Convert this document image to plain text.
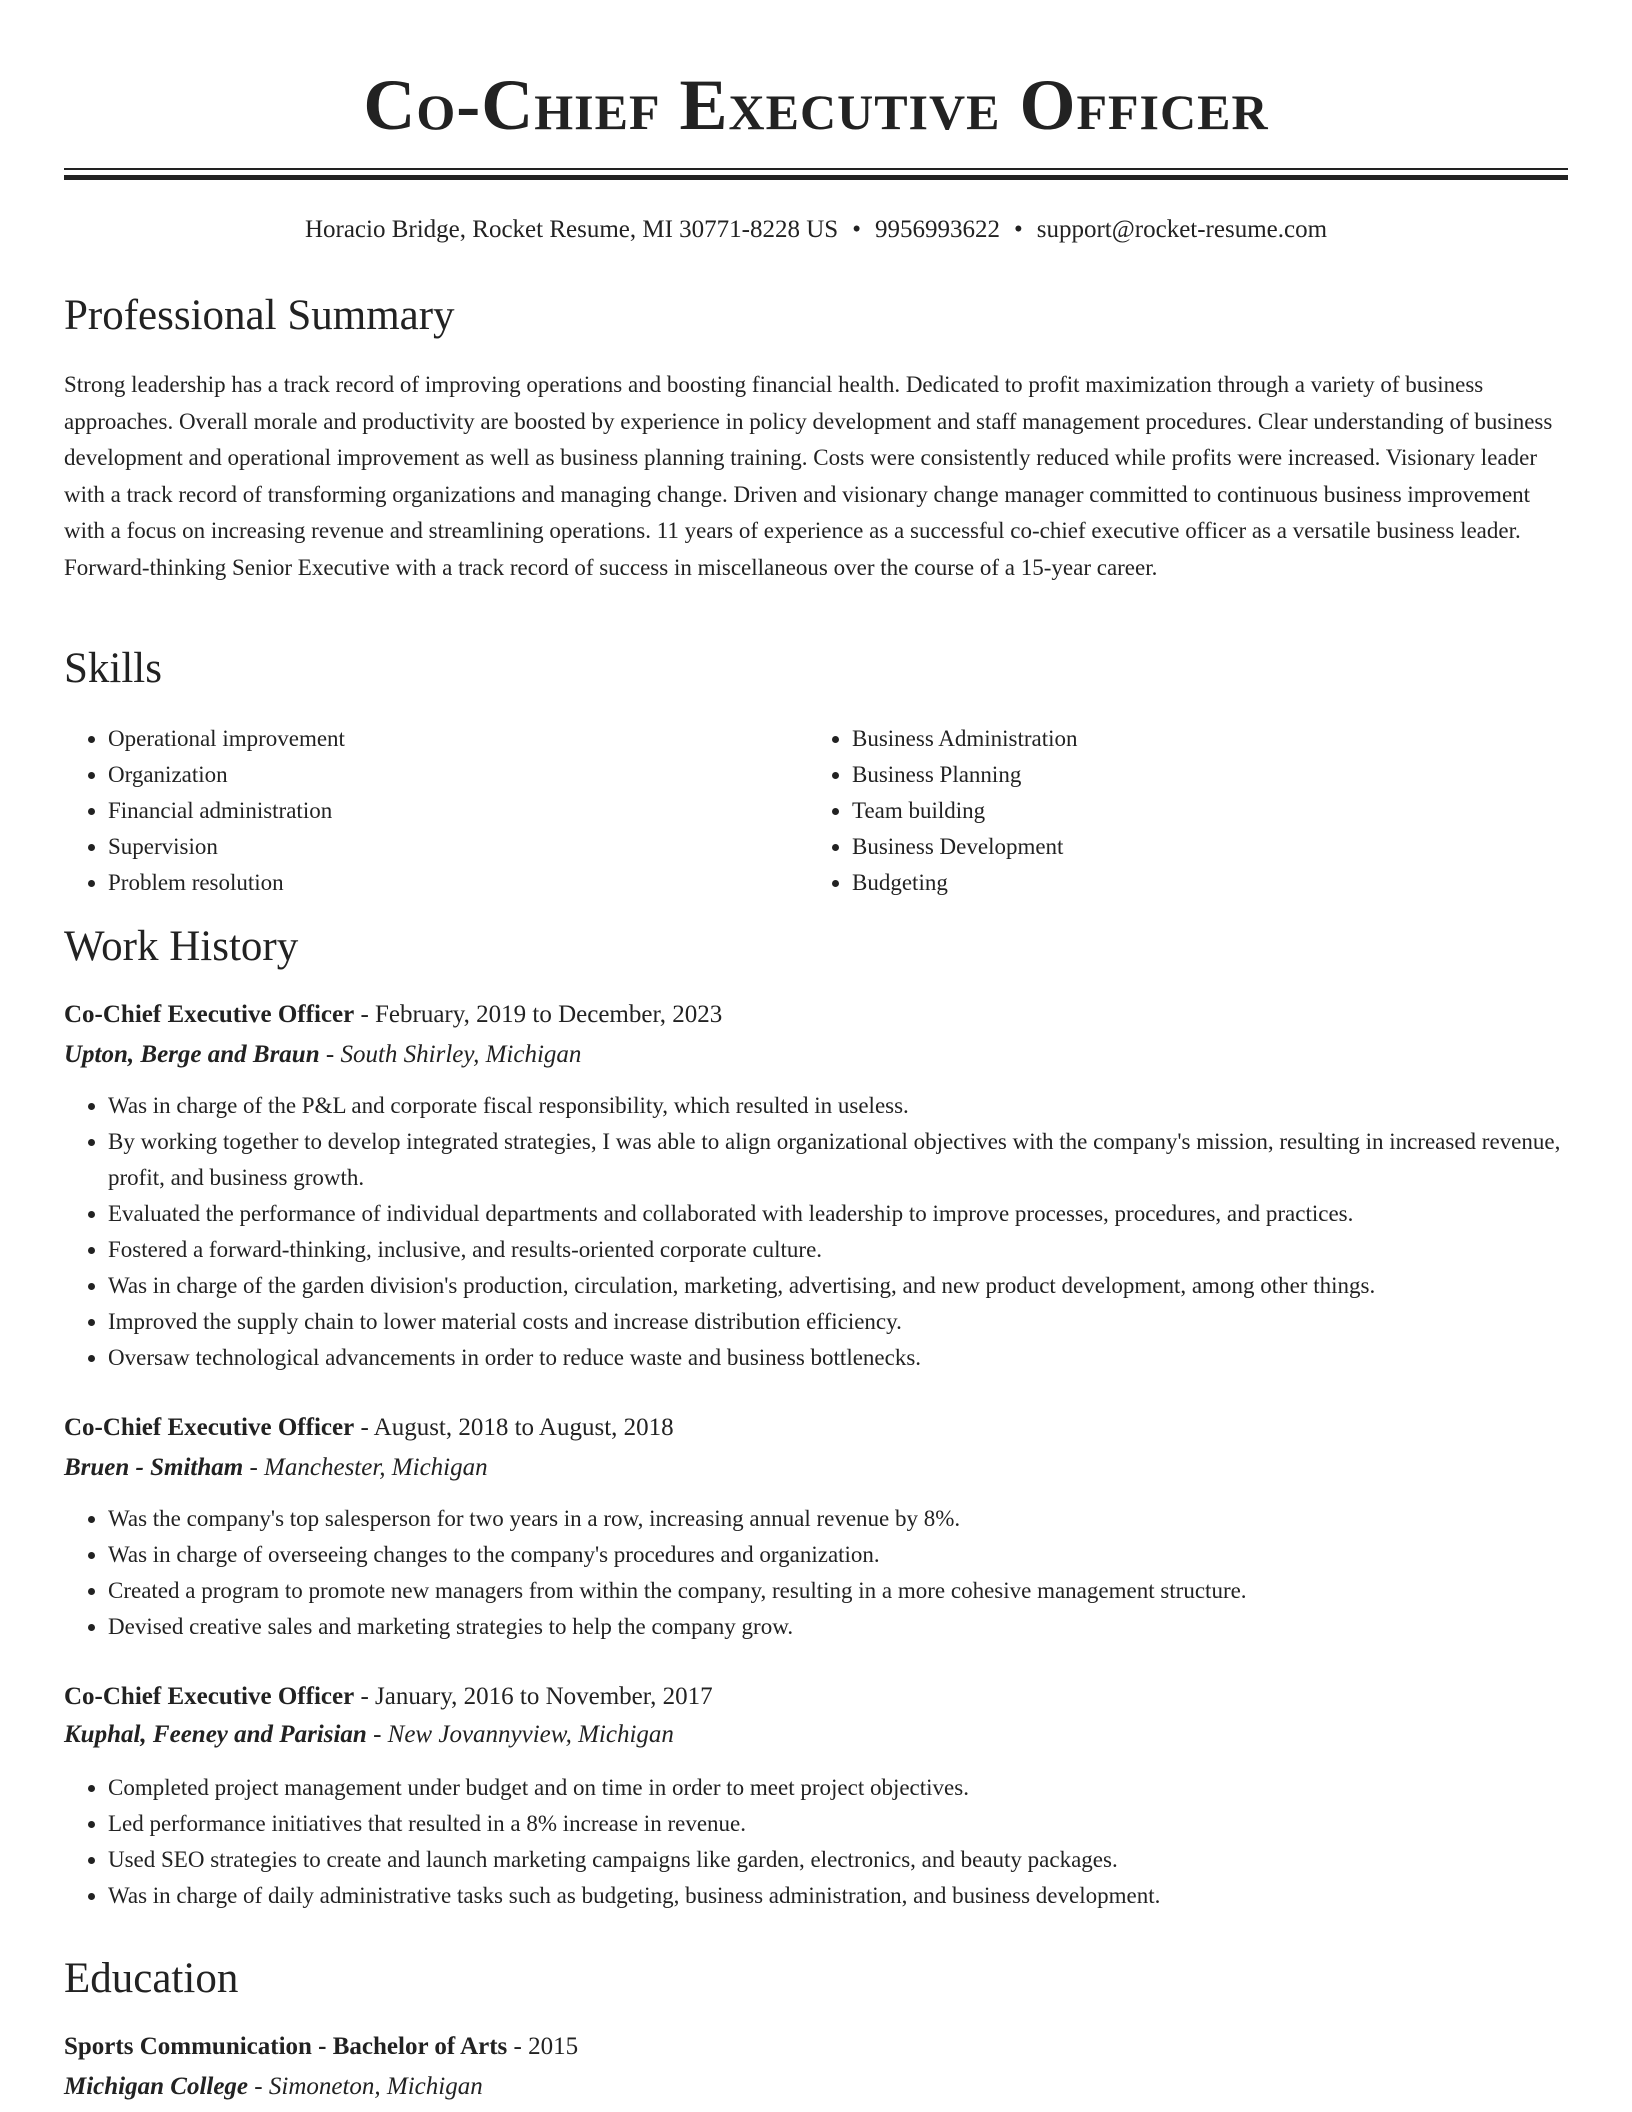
Co-Chief Executive Officer
Horacio Bridge, Rocket Resume, MI 30771-8228 US • 9956993622 • support@rocket-resume.com
Professional Summary

Strong leadership has a track record of improving operations and boosting financial health. Dedicated to profit maximization through a variety of business approaches. Overall morale and productivity are boosted by experience in policy development and staff management procedures. Clear understanding of business development and operational improvement as well as business planning training. Costs were consistently reduced while profits were increased. Visionary leader with a track record of transforming organizations and managing change. Driven and visionary change manager committed to continuous business improvement with a focus on increasing revenue and streamlining operations. 11 years of experience as a successful co-chief executive officer as a versatile business leader. Forward-thinking Senior Executive with a track record of success in miscellaneous over the course of a 15-year career.

Skills
• Operational improvement
• Organization
• Financial administration
• Supervision
• Problem resolution
• Business Administration
• Business Planning
• Team building
• Business Development
• Budgeting
Work History
Co-Chief Executive Officer - February, 2019 to December, 2023
Upton, Berge and Braun - South Shirley, Michigan
• Was in charge of the P&L and corporate fiscal responsibility, which resulted in useless.
• By working together to develop integrated strategies, I was able to align organizational objectives with the company's mission, resulting in increased revenue, profit, and business growth.
• Evaluated the performance of individual departments and collaborated with leadership to improve processes, procedures, and practices.
• Fostered a forward-thinking, inclusive, and results-oriented corporate culture.
• Was in charge of the garden division's production, circulation, marketing, advertising, and new product development, among other things.
• Improved the supply chain to lower material costs and increase distribution efficiency.
• Oversaw technological advancements in order to reduce waste and business bottlenecks.
Co-Chief Executive Officer - August, 2018 to August, 2018
Bruen - Smitham - Manchester, Michigan
• Was the company's top salesperson for two years in a row, increasing annual revenue by 8%.
• Was in charge of overseeing changes to the company's procedures and organization.
• Created a program to promote new managers from within the company, resulting in a more cohesive management structure.
• Devised creative sales and marketing strategies to help the company grow.
Co-Chief Executive Officer - January, 2016 to November, 2017
Kuphal, Feeney and Parisian - New Jovannyview, Michigan
• Completed project management under budget and on time in order to meet project objectives.
• Led performance initiatives that resulted in a 8% increase in revenue.
• Used SEO strategies to create and launch marketing campaigns like garden, electronics, and beauty packages.
• Was in charge of daily administrative tasks such as budgeting, business administration, and business development.
Education
Sports Communication - Bachelor of Arts - 2015
Michigan College - Simoneton, Michigan
